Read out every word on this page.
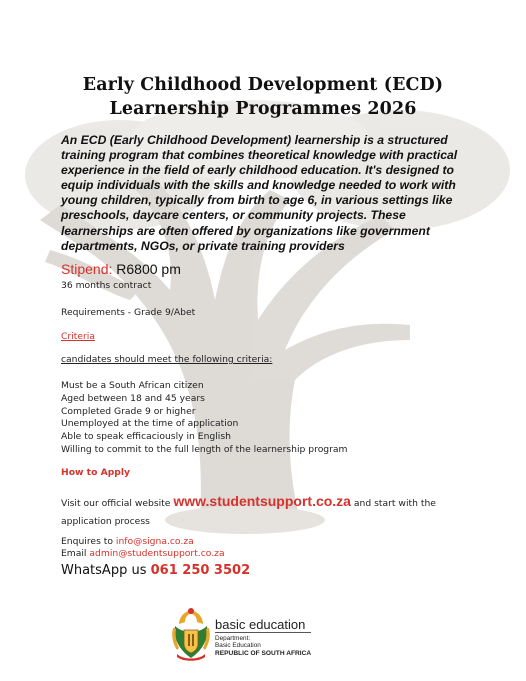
Early Childhood Development (ECD)
Learnership Programmes 2026
An ECD (Early Childhood Development) learnership is a structured training program that combines theoretical knowledge with practical experience in the field of early childhood education. It's designed to equip individuals with the skills and knowledge needed to work with young children, typically from birth to age 6, in various settings like preschools, daycare centers, or community projects. These learnerships are often offered by organizations like government departments, NGOs, or private training providers
Stipend: R6800 pm
36 months contract
Requirements - Grade 9/Abet
Criteria
candidates should meet the following criteria:
Must be a South African citizen
Aged between 18 and 45 years
Completed Grade 9 or higher
Unemployed at the time of application
Able to speak efficaciously in English
Willing to commit to the full length of the learnership program
How to Apply
Visit our official website www.studentsupport.co.za and start with the application process
Enquires to info@signa.co.za
Email admin@studentsupport.co.za
WhatsApp us 061 250 3502
basic education
Department:
Basic Education
REPUBLIC OF SOUTH AFRICA
